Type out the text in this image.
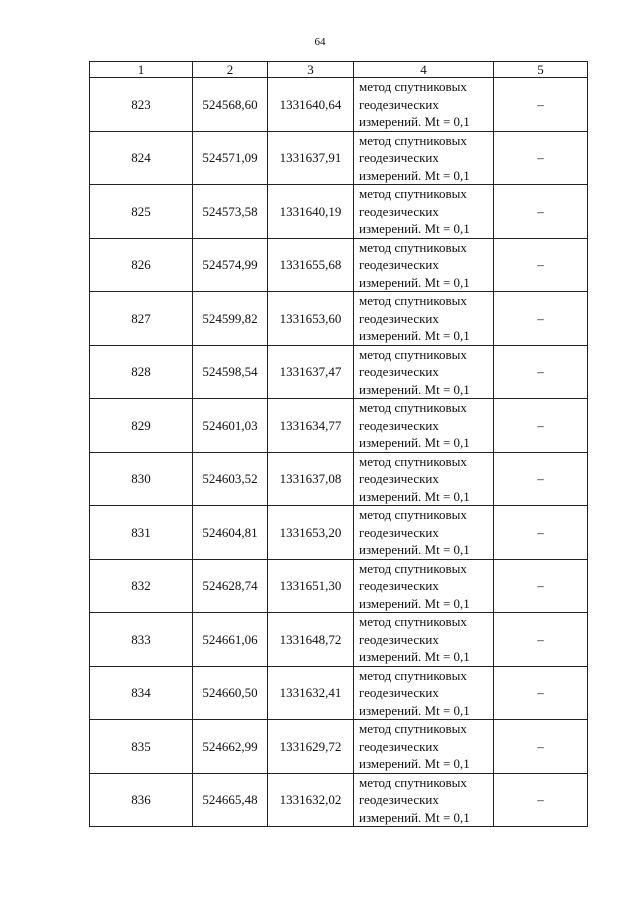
64
1	2	3	4	5
823	524568,60	1331640,64	метод спутниковых
геодезических
измерений. Mt = 0,1	–
824	524571,09	1331637,91	метод спутниковых
геодезических
измерений. Mt = 0,1	–
825	524573,58	1331640,19	метод спутниковых
геодезических
измерений. Mt = 0,1	–
826	524574,99	1331655,68	метод спутниковых
геодезических
измерений. Mt = 0,1	–
827	524599,82	1331653,60	метод спутниковых
геодезических
измерений. Mt = 0,1	–
828	524598,54	1331637,47	метод спутниковых
геодезических
измерений. Mt = 0,1	–
829	524601,03	1331634,77	метод спутниковых
геодезических
измерений. Mt = 0,1	–
830	524603,52	1331637,08	метод спутниковых
геодезических
измерений. Mt = 0,1	–
831	524604,81	1331653,20	метод спутниковых
геодезических
измерений. Mt = 0,1	–
832	524628,74	1331651,30	метод спутниковых
геодезических
измерений. Mt = 0,1	–
833	524661,06	1331648,72	метод спутниковых
геодезических
измерений. Mt = 0,1	–
834	524660,50	1331632,41	метод спутниковых
геодезических
измерений. Mt = 0,1	–
835	524662,99	1331629,72	метод спутниковых
геодезических
измерений. Mt = 0,1	–
836	524665,48	1331632,02	метод спутниковых
геодезических
измерений. Mt = 0,1	–
